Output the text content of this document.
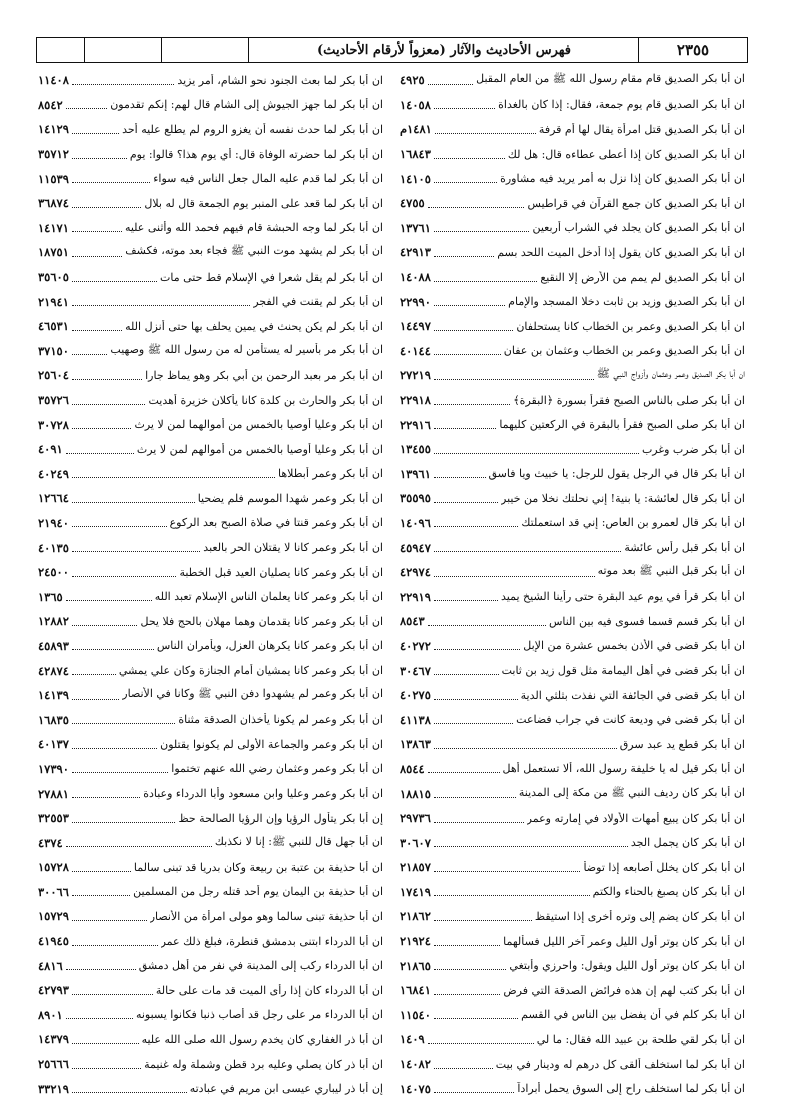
٢٣٥٥
فهرس الأحاديث والآثار (معزواً لأرقام الأحاديث)
ان أبا بكر الصديق قام مقام رسول الله ﷺ من العام المقبل
٤٩٢٥
ان أبا بكر الصديق قام يوم جمعة، فقال: إذا كان بالغداة
١٤٠٥٨
ان أبا بكر الصديق قتل امرأة يقال لها أم قرفة
١٤٨١م
ان أبا بكر الصديق كان إذا أعطى عطاءه قال: هل لك
١٦٨٤٣
ان أبا بكر الصديق كان إذا نزل به أمر يريد فيه مشاورة
١٤١٠٥
ان أبا بكر الصديق كان جمع القرآن في قراطيس
٤٧٥٥
ان أبا بكر الصديق كان يجلد في الشراب أربعين
١٣٧٦١
ان أبا بكر الصديق كان يقول إذا أدخل الميت اللحد بسم
٤٢٩١٣
ان أبا بكر الصديق لم يمم من الأرض إلا النقيع
١٤٠٨٨
ان أبا بكر الصديق وزيد بن ثابت دخلا المسجد والإمام
٢٢٩٩٠
ان أبا بكر الصديق وعمر بن الخطاب كانا يستحلفان
١٤٤٩٧
ان أبا بكر الصديق وعمر بن الخطاب وعثمان بن عفان
٤٠١٤٤
ان أبا بكر الصديق وعمر وعثمان وأزواج النبي ﷺ
٢٧٢١٩
ان أبا بكر صلى بالناس الصبح فقرأ بسورة ﴿البقرة﴾
٢٢٩١٨
ان أبا بكر صلى الصبح فقرأ بالبقرة في الركعتين كليهما
٢٢٩١٦
ان أبا بكر ضرب وغرب
١٣٤٥٥
ان أبا بكر قال في الرجل يقول للرجل: يا خبيث ويا فاسق
١٣٩٦١
ان أبا بكر قال لعائشة: يا بنية! إني نحلتك نخلا من خيبر
٣٥٥٩٥
ان أبا بكر قال لعمرو بن العاص: إني قد استعملتك
١٤٠٩٦
ان أبا بكر قبل رأس عائشة
٤٥٩٤٧
ان أبا بكر قبل النبي ﷺ بعد موته
٤٢٩٧٤
ان أبا بكر قرأ في يوم عيد البقرة حتى رأينا الشيخ يميد
٢٢٩١٩
ان أبا بكر قسم قسما فسوى فيه بين الناس
٨٥٤٣
ان أبا بكر قضى في الأذن بخمس عشرة من الإبل
٤٠٢٧٢
ان أبا بكر قضى في أهل اليمامة مثل قول زيد بن ثابت
٣٠٤٦٧
ان أبا بكر قضى في الجائفة التي نفذت بثلثي الدية
٤٠٢٧٥
ان أبا بكر قضى في وديعة كانت في جراب فضاعت
٤١١٣٨
ان أبا بكر قطع يد عبد سرق
١٣٨٦٣
ان أبا بكر قيل له يا خليفة رسول الله، ألا تستعمل أهل
٨٥٤٤
ان أبا بكر كان رديف النبي ﷺ من مكة إلى المدينة
١٨٨١٥
ان أبا بكر كان يبيع أمهات الأولاد في إمارته وعمر
٢٩٧٣٦
ان أبا بكر كان يجمل الجد
٣٠٦٠٧
ان أبا بكر كان يخلل أصابعه إذا توضأ
٢١٨٥٧
ان أبا بكر كان يصبغ بالحناء والكتم
١٧٤١٩
ان أبا بكر كان يضم إلى وتره أخرى إذا استيقظ
٢١٨٦٢
ان أبا بكر كان يوتر أول الليل وعمر آخر الليل فسألهما
٢١٩٢٤
ان أبا بكر كان يوتر أول الليل ويقول: واحرزي وأبتغي
٢١٨٦٥
ان أبا بكر كتب لهم إن هذه فرائض الصدقة التي فرض
١٦٨٤١
ان أبا بكر كلم في أن يفضل بين الناس في القسم
١١٥٤٠
ان أبا بكر لقي طلحة بن عبيد الله فقال: ما لي
١٤٠٩
ان أبا بكر لما استخلف ألقى كل درهم له ودينار في بيت
١٤٠٨٢
ان أبا بكر لما استخلف راح إلى السوق يحمل أبراداً
١٤٠٧٥
ان أبا بكر لما بعث الجنود نحو الشام، أمر يزيد
١١٤٠٨
ان أبا بكر لما جهز الجيوش إلى الشام قال لهم: إنكم تقدمون
٨٥٤٢
ان أبا بكر لما حدث نفسه أن يغزو الروم لم يطلع عليه أحد
١٤١٢٩
ان أبا بكر لما حضرته الوفاة قال: أي يوم هذا؟ قالوا: يوم
٣٥٧١٢
ان أبا بكر لما قدم عليه المال جعل الناس فيه سواء
١١٥٣٩
ان أبا بكر لما قعد على المنبر يوم الجمعة قال له بلال
٣٦٨٧٤
ان أبا بكر لما وجه الحبشة قام فيهم فحمد الله وأثنى عليه
١٤١٧١
ان أبا بكر لم يشهد موت النبي ﷺ فجاء بعد موته، فكشف
١٨٧٥١
ان أبا بكر لم يقل شعرا في الإسلام قط حتى مات
٣٥٦٠٥
ان أبا بكر لم يقنت في الفجر
٢١٩٤١
ان أبا بكر لم يكن يحنث في يمين يحلف بها حتى أنزل الله
٤٦٥٣١
ان أبا بكر مر بأسير له يستأمن له من رسول الله ﷺ وصهيب
٣٧١٥٠
ان أبا بكر مر بعبد الرحمن بن أبي بكر وهو يماظ جارا
٢٥٦٠٤
ان أبا بكر والحارث بن كلدة كانا يأكلان خزيرة أهديت
٣٥٧٢٦
ان أبا بكر وعليا أوصيا بالخمس من أموالهما لمن لا يرث
٣٠٧٢٨
ان أبا بكر وعليا أوصيا بالخمس من أموالهم لمن لا يرث
٤٠٩١
ان أبا بكر وعمر أبطلاها
٤٠٢٤٩
ان أبا بكر وعمر شهدا الموسم فلم يضحيا
١٢٦٦٤
ان أبا بكر وعمر قنتا في صلاة الصبح بعد الركوع
٢١٩٤٠
ان أبا بكر وعمر كانا لا يقتلان الحر بالعبد
٤٠١٣٥
ان أبا بكر وعمر كانا يصليان العيد قبل الخطبة
٢٤٥٠٠
ان أبا بكر وعمر كانا يعلمان الناس الإسلام تعبد الله
١٣٦٥
ان أبا بكر وعمر كانا يقدمان وهما مهلان بالحج فلا يحل
١٢٨٨٢
ان أبا بكر وعمر كانا يكرهان العزل، ويأمران الناس
٤٥٨٩٣
ان أبا بكر وعمر كانا يمشيان أمام الجنازة وكان علي يمشي
٤٢٨٧٤
ان أبا بكر وعمر لم يشهدوا دفن النبي ﷺ وكانا في الأنصار
١٤١٣٩
ان أبا بكر وعمر لم يكونا يأخذان الصدقة مثناة
١٦٨٣٥
ان أبا بكر وعمر والجماعة الأولى لم يكونوا يقتلون
٤٠١٣٧
ان أبا بكر وعمر وعثمان رضي الله عنهم تختموا
١٧٣٩٠
ان أبا بكر وعمر وعليا وابن مسعود وأبا الدرداء وعبادة
٢٧٨٨١
إن أبا بكر يتأول الرؤيا وإن الرؤيا الصالحة حظ
٣٢٥٥٣
ان أبا جهل قال للنبي ﷺ: إنا لا نكذبك
٤٣٧٤
ان أبا حذيفة بن عتبة بن ربيعة وكان بدريا قد تبنى سالما
١٥٧٢٨
ان أبا حذيفة بن اليمان يوم أحد قتله رجل من المسلمين
٣٠٠٦٦
ان أبا حذيفة تبنى سالما وهو مولى امرأة من الأنصار
١٥٧٢٩
ان أبا الدرداء ابتنى بدمشق قنطرة، فبلغ ذلك عمر
٤١٩٤٥
ان أبا الدرداء ركب إلى المدينة في نفر من أهل دمشق
٤٨١٦
ان أبا الدرداء كان إذا رأى الميت قد مات على حالة
٤٢٧٩٣
ان أبا الدرداء مر على رجل قد أصاب ذنبا فكانوا يسبونه
٨٩٠١
ان أبا ذر الغفاري كان يخدم رسول الله صلى الله عليه
١٤٣٧٩
ان أبا ذر كان يصلي وعليه برد قطن وشملة وله غنيمة
٢٥٦٦٦
إن أبا ذر ليباري عيسى ابن مريم في عبادته
٣٣٢١٩
